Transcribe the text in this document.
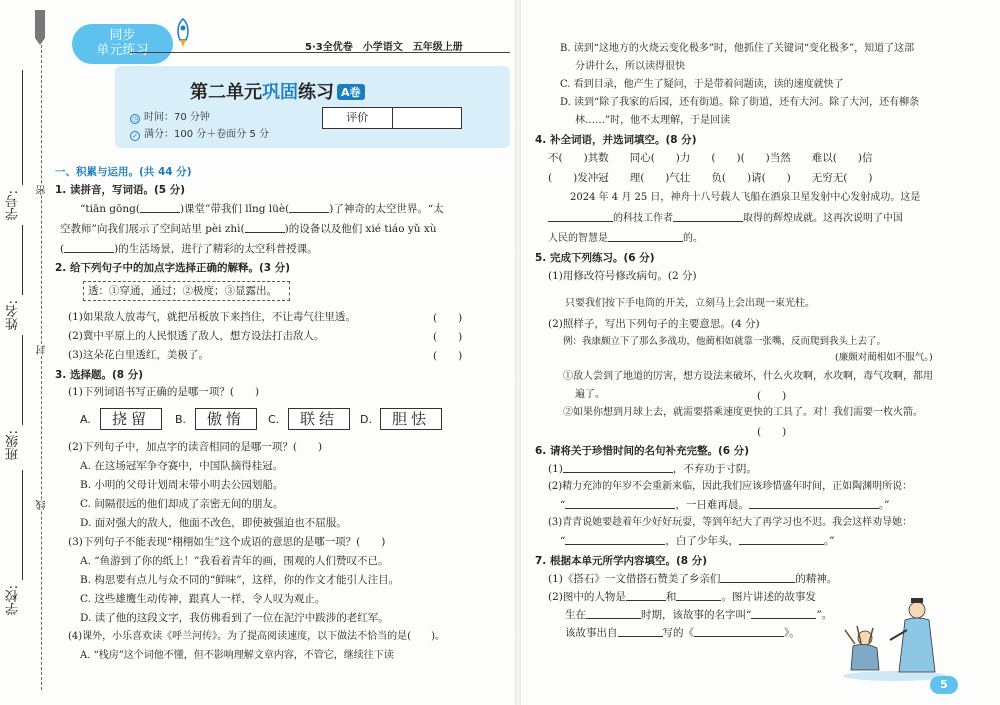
学号:
姓名:
班级:
学校:
密
封
线
同步
单元练习	5·3全优卷　小学语文　五年级上册
第二单元巩固练习 A卷
◷ 时间：70 分钟
✓ 满分：100 分＋卷面分 5 分
评价
一、积累与运用。(共 44 分)
1. 读拼音，写词语。(5 分)
“tiān gōng(	)课堂”带我们 lǐng lüè(	)了神奇的太空世界。“太
空教师”向我们展示了空间站里 pèi zhì(	)的设备以及他们 xié tiáo yǔ xù
(	)的生活场景，进行了精彩的太空科普授课。
2. 给下列句子中的加点字选择正确的解释。(3 分)
透：①穿通，通过；②极度；③显露出。
(1)如果敌人放毒气，就把吊板放下来挡住，不让毒气往里透。	(　　)
(2)冀中平原上的人民恨透了敌人，想方设法打击敌人。	(　　)
(3)这朵花白里透红，美极了。	(　　)
3. 选择题。(8 分)
(1)下列词语书写正确的是哪一项？(　　)
A.	挠留	B.	傲惰	C.	联结	D.	胆怯
(2)下列句子中，加点字的读音相同的是哪一项？(　　)
A. 在这场冠军争夺赛中，中国队摘得桂冠。
B. 小明的父母计划周末带小明去公园划船。
C. 间隔很远的他们却成了亲密无间的朋友。
D. 面对强大的敌人，他面不改色，即使被强迫也不屈服。
(3)下列句子不能表现“栩栩如生”这个成语的意思的是哪一项？(　　)
A. “鱼游到了你的纸上！”我看着青年的画，围观的人们赞叹不已。
B. 构思要有点儿与众不同的“鲜味”，这样，你的作文才能引人注目。
C. 这些雄鹰生动传神，跟真人一样，令人叹为观止。
D. 读了他的这段文字，我仿佛看到了一位在泥泞中跋涉的老红军。
(4)课外，小乐喜欢读《呼兰河传》。为了提高阅读速度，以下做法不恰当的是(　　)。
A. “栈房”这个词他不懂，但不影响理解文章内容，不管它，继续往下读
B. 读到“这地方的火烧云变化极多”时，他抓住了关键词“变化极多”，知道了这部
分讲什么，所以读得很快
C. 看到目录，他产生了疑问，于是带着问题读，读的速度就快了
D. 读到“除了我家的后园，还有街道。除了街道，还有大河。除了大河，还有柳条
林……”时，他不太理解，于是回读
4. 补全词语，并选词填空。(8 分)
不(　　)其数　　同心(　　)力　　(　　)(　　)当然　　难以(　　)信
(　　)发冲冠　　理(　　)气壮　　负(　　)请(　　)　　无穷无(　　)
2024 年 4 月 25 日，神舟十八号载人飞船在酒泉卫星发射中心发射成功。这是
的科技工作者	取得的辉煌成就。这再次说明了中国
人民的智慧是	的。
5. 完成下列练习。(6 分)
(1)用修改符号修改病句。(2 分)
只要我们按下手电筒的开关，立刻马上会出现一束光柱。
(2)照样子，写出下列句子的主要意思。(4 分)
例：我康颇立下了那么多战功，他蔺相如就靠一张嘴，反而爬到我头上去了。
(廉颇对蔺相如不服气。)
①敌人尝到了地道的厉害，想方设法来破坏，什么火攻啊，水攻啊，毒气攻啊，都用
遍了。	(　　)
②如果你想到月球上去，就需要搭乘速度更快的工具了。对！我们需要一枚火箭。
(　　)
6. 请将关于珍惜时间的名句补充完整。(6 分)
(1)	，不弃功于寸阴。
(2)精力充沛的年岁不会重新来临，因此我们应该珍惜盛年时间，正如陶渊明所说：
“	，一日难再晨。	。”
(3)青青说她要趁着年少好好玩耍，等到年纪大了再学习也不迟。我会这样劝导她：
“	，白了少年头，	。”
7. 根据本单元所学内容填空。(8 分)
(1)《搭石》一文借搭石赞美了乡亲们	的精神。
(2)图中的人物是	和	。图片讲述的故事发
生在	时期，该故事的名字叫“	”。
该故事出自	写的《	》。
5
